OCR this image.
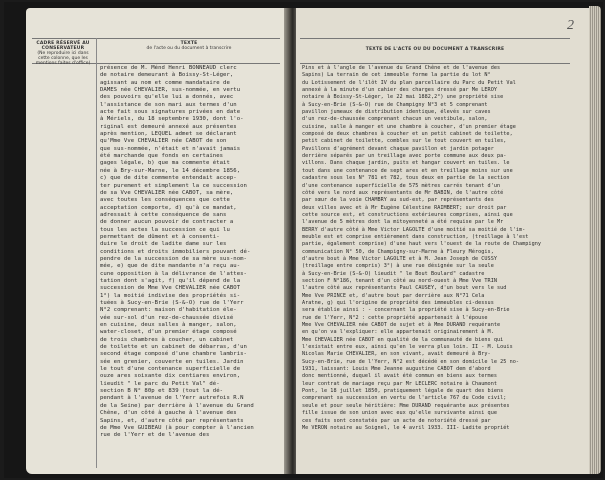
CADRE RÉSERVÉ AU CONSERVATEUR
(Ne reproduire ici dans cette colonne, que les mentions faites d'office)
TEXTE
de l'acte ou du document à transcrire
présence de M. Ménd Henri BONNEAUD clerc
de notaire demeurant à Boissy-St-Léger,
agissant au nom et comme mandataire de
DAMES née CHEVALIER, sus-nommée, en vertu
des pouvoirs qu'elle lui a donnés, avec
l'assistance de son mari aux termes d'un
acte fait sous signatures privées en date
à Mériels, du 18 septembre 1930, dont l'o-
riginal est demeuré annexé aux présentes
après mention, LEQUEL admet se déclarant
qu'Mme Vve CHEVALIER née CABOT de son
que sus-nommée, n'était et n'avait jamais
été marchande que fonds en certaines
gages légale, b) que ma commente était
née à Bry-sur-Marne, le 14 décembre 1856,
c) que de dite commente entendait accep-
ter purement et simplement la ce succession
de sa Vve CHEVALIER née CABOT, sa mère,
avec toutes les conséquences que cette
acceptation comporte, d) qu'à ce mandat,
adressait à cette conséquence de sans
de donner aucun pouvoir de contracter a
tous les actes la succession ce qui lu
permettant de dûment et à consenti-
duire le droit de ladite dame sur les
conditions et droits immobiliers pouvant dé-
pendre de la succession de sa mère sus-nom-
mée, e) que de dite mandante n'a reçu au-
cune opposition à la délivrance de l'attes-
tation dont s'agit, f) qu'il dépend de la
succession de Mme Vve CHEVALIER née CABOT
1°) la moitié indivise des propriétés si-
tuées à Sucy-en-Brie (S-&-O) rue de l'Yerr
N°2 comprenant: maison d'habitation éle-
vée sur-sol d'un rez-de-chaussée divisé
en cuisine, deux salles à manger, salon,
water-closet, d'un premier étage composé
de trois chambres à coucher, un cabinet
de toilette et un cabinet de débarras, d'un
second étage composé d'une chambre lambris-
sée en grenier, couverte en tuiles. Jardin
le tout d'une contenance superficielle de
ouze ares soixante dix centiares environ,
lieudit " le parc du Petit Val" dé-
section B N° 80p et 839 (tout la dé-
pendant à l'avenue de l'Yerr autrefois R.N
de la Seine) par derrière à l'avenue du Grand
Chêne, d'un côté à gauche à l'avenue des
Sapins, et, d'autre côté par représentants
de Mme Vve GUIBEAU (à pour compter à l'ancien
rue de l'Yerr et de l'avenue des
2
TEXTE DE L'ACTE OU DU DOCUMENT A TRANSCRIRE
Pins et à l'angle de l'avenue du Grand Chêne et de l'avenue des
Sapins) La terrain de cet immeuble forme la partie du lot N°
du Lotissement de l'ilôt IV du plan parcellaire du Parc du Petit Val
annexé à la minute d'un cahier des charges dressé par Me LEROY
notaire à Boissy-St-Léger, le 22 mai 1882,2°) une propriété sise
à Sucy-en-Brie (S-&-O) rue de Champigny N°3 et 5 comprenant
pavillon jumeaux de distribution identique, élevés sur caves
d'un rez-de-chaussée comprenant chacun un vestibule, salon,
cuisine, salle à manger et une chambre à coucher, d'un premier étage
composé de deux chambres à coucher et un petit cabinet de toilette,
petit cabinet de toilette, combles sur le tout couvert en tuiles,
Pavillons d'agrément devant chaque pavillon et jardin potager
derrière séparés par un treillage avec porte commune aux deux pa-
villons. Dans chaque jardin, puits et hangar couvert en tuiles. le
tout dans une contenance de sept ares et en treillage moins sur une
cadastre sous les N° 781 et 782, tous deux en partie de la section
d'une contenance superficielle de 575 mètres carrés tenant d'un
côté vers le nord aux représentants de Mr BABIN, de l'autre côté
par sœur de la voie CHAMBRY au sud-est, par représentants des
deux villes avec et à Mr Eugène Célestine RAIMBERT; sur droit par
cette source est, et constructions extérieures comprises, ainsi que
l'avenue de 5 mètres dont la mitoyenneté a été requise par le Mr
BERRY d'autre côté à Mme Victor LAGOLTE d'une moitié sa moitié de l'im-
meuble est et comprise entièrement dans construction, (treillage à l'est
partie, également comprise) d'une haut vers l'ouest de la route de Champigny
communication N° 50, de Champigny-sur-Marne à Fleury Mérogis,
d'autre bout à Mme Victor LAGOLTE et à M. Jean Joseph de CUSSY
(treillage entre compris) 3°) à une rue désignée sur la seule
à Sucy-en-Brie (S-&-O) lieudit " le Bout Boulard" cadastre
section F N°186, tenant d'un côté au nord-ouest à Mme Vve TRIN
l'autre côté aux représentants Paul CAUSEY, d'un bout vers le sud
Mme Vve PRINCE et, d'autre bout par derrière aux N°71 Cela
Aratne, g) qui l'origine de propriété des immeubles ci-dessus
sera établie ainsi : - concernant la propriété sise à Sucy-en-Brie
rue de l'Yerr, N°2 : cette propriété appartenait à l'épouse
Mme Vve CHEVALIER née CABOT de sujet et à Mme DURAND requérante
en qu'on va l'expliquer: elle appartenait originairement à M.
Mme CHEVALIER née CABOT en qualité de la communauté de biens qui
l'existait entre eux, ainsi qu'en le verra plus loin. II - M. Louis
Nicolas Marie CHEVALIER, en son vivant, avait demeuré à Bry-
Sucy-en-Brie, rue de l'Yerr, N°2 est décédé en son domicile le 25 no-
1931, laissant: Louis Mme Jeanne augustine CABOT dem d'abord
donc mentionné, duquel il avait été commun en biens aux termes
leur contrat de mariage reçu par Mr LECLERC notaire à Chaumont
Pont, le 18 juillet 1850, pratiquement légale de quart des biens
comprenant sa succession en vertu de l'article 767 du Code civil;
seule et pour seule héritière: Mme DURAND requérante aux présentes
fille issue de son union avec eux qu'elle survivante ainsi que
ces faits sont constatés par un acte de notoriété dressé par
Me VERON notaire au Soignel, le 4 avril 1933. III- Ladite propriét
